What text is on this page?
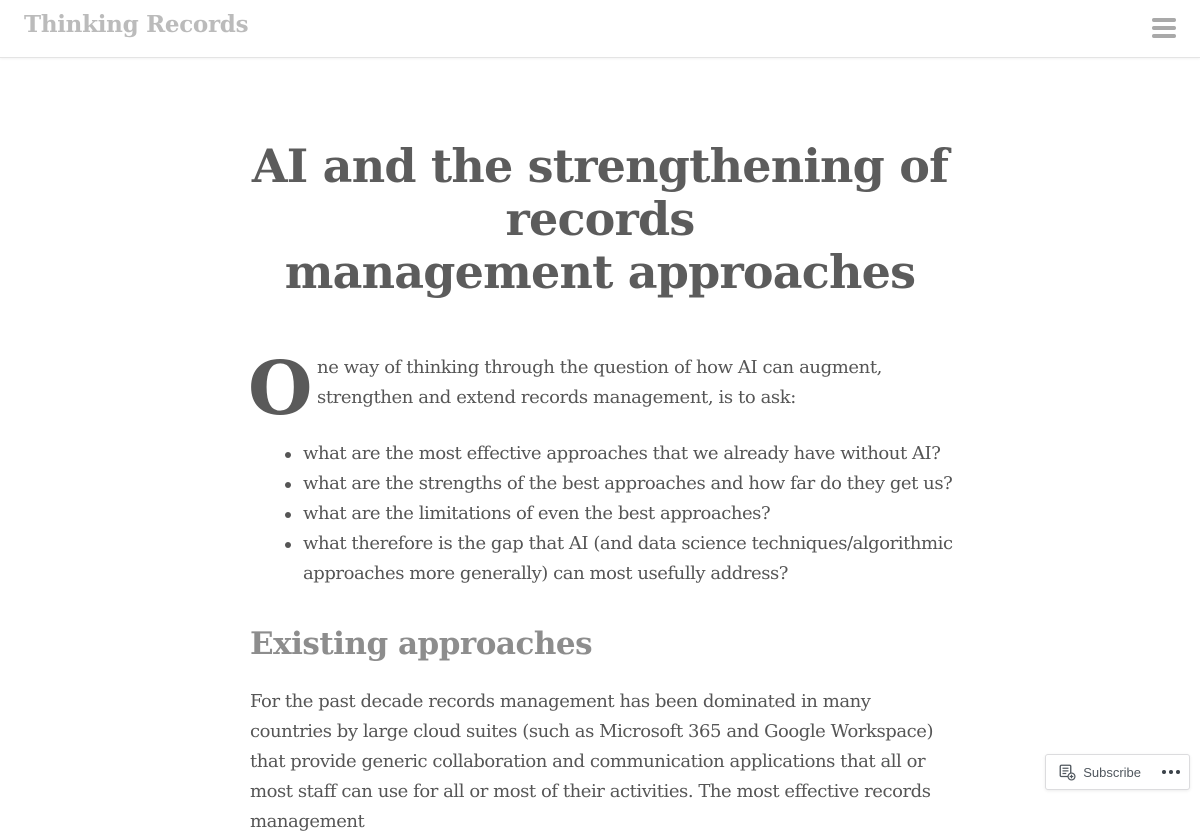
Thinking Records
AI and the strengthening of
records
management approaches
O ne way of thinking through the question of how AI can augment, strengthen and extend records management, is to ask:

what are the most effective approaches that we already have without AI?
what are the strengths of the best approaches and how far do they get us?
what are the limitations of even the best approaches?
what therefore is the gap that AI (and data science techniques/algorithmic approaches more generally) can most usefully address?
Existing approaches

For the past decade records management has been dominated in many countries by large cloud suites (such as Microsoft 365 and Google Workspace) that provide generic collaboration and communication applications that all or most staff can use for all or most of their activities. The most effective records management

Subscribe
